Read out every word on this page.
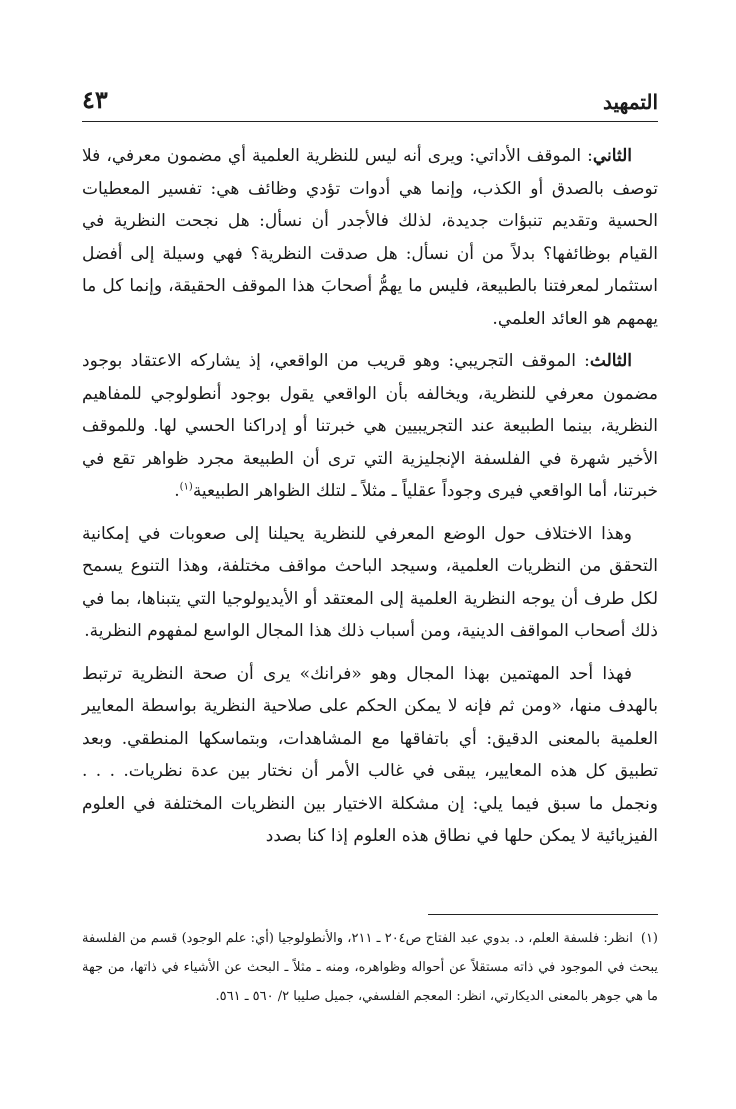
٤٣	التمهيد

الثاني: الموقف الأداتي: ويرى أنه ليس للنظرية العلمية أي مضمون معرفي، فلا توصف بالصدق أو الكذب، وإنما هي أدوات تؤدي وظائف هي: تفسير المعطيات الحسية وتقديم تنبؤات جديدة، لذلك فالأجدر أن نسأل: هل نجحت النظرية في القيام بوظائفها؟ بدلاً من أن نسأل: هل صدقت النظرية؟ فهي وسيلة إلى أفضل استثمار لمعرفتنا بالطبيعة، فليس ما يهمُّ أصحابَ هذا الموقف الحقيقة، وإنما كل ما يهمهم هو العائد العلمي.

الثالث: الموقف التجريبي: وهو قريب من الواقعي، إذ يشاركه الاعتقاد بوجود مضمون معرفي للنظرية، ويخالفه بأن الواقعي يقول بوجود أنطولوجي للمفاهيم النظرية، بينما الطبيعة عند التجريبيين هي خبرتنا أو إدراكنا الحسي لها. وللموقف الأخير شهرة في الفلسفة الإنجليزية التي ترى أن الطبيعة مجرد ظواهر تقع في خبرتنا، أما الواقعي فيرى وجوداً عقلياً ـ مثلاً ـ لتلك الظواهر الطبيعية$^{(١)}$.

وهذا الاختلاف حول الوضع المعرفي للنظرية يحيلنا إلى صعوبات في إمكانية التحقق من النظريات العلمية، وسيجد الباحث مواقف مختلفة، وهذا التنوع يسمح لكل طرف أن يوجه النظرية العلمية إلى المعتقد أو الأيديولوجيا التي يتبناها، بما في ذلك أصحاب المواقف الدينية، ومن أسباب ذلك هذا المجال الواسع لمفهوم النظرية.

فهذا أحد المهتمين بهذا المجال وهو «فرانك» يرى أن صحة النظرية ترتبط بالهدف منها، «ومن ثم فإنه لا يمكن الحكم على صلاحية النظرية بواسطة المعايير العلمية بالمعنى الدقيق: أي باتفاقها مع المشاهدات، وبتماسكها المنطقي. وبعد تطبيق كل هذه المعايير، يبقى في غالب الأمر أن نختار بين عدة نظريات. . . . ونجمل ما سبق فيما يلي: إن مشكلة الاختيار بين النظريات المختلفة في العلوم الفيزيائية لا يمكن حلها في نطاق هذه العلوم إذا كنا بصدد

(١)انظر: فلسفة العلم، د. بدوي عبد الفتاح ص٢٠٤ ـ ٢١١، والأنطولوجيا (أي: علم الوجود) قسم من الفلسفة يبحث في الموجود في ذاته مستقلاً عن أحواله وظواهره، ومنه ـ مثلاً ـ البحث عن الأشياء في ذاتها، من جهة ما هي جوهر بالمعنى الديكارتي، انظر: المعجم الفلسفي، جميل صليبا ٢/ ٥٦٠ ـ ٥٦١.
